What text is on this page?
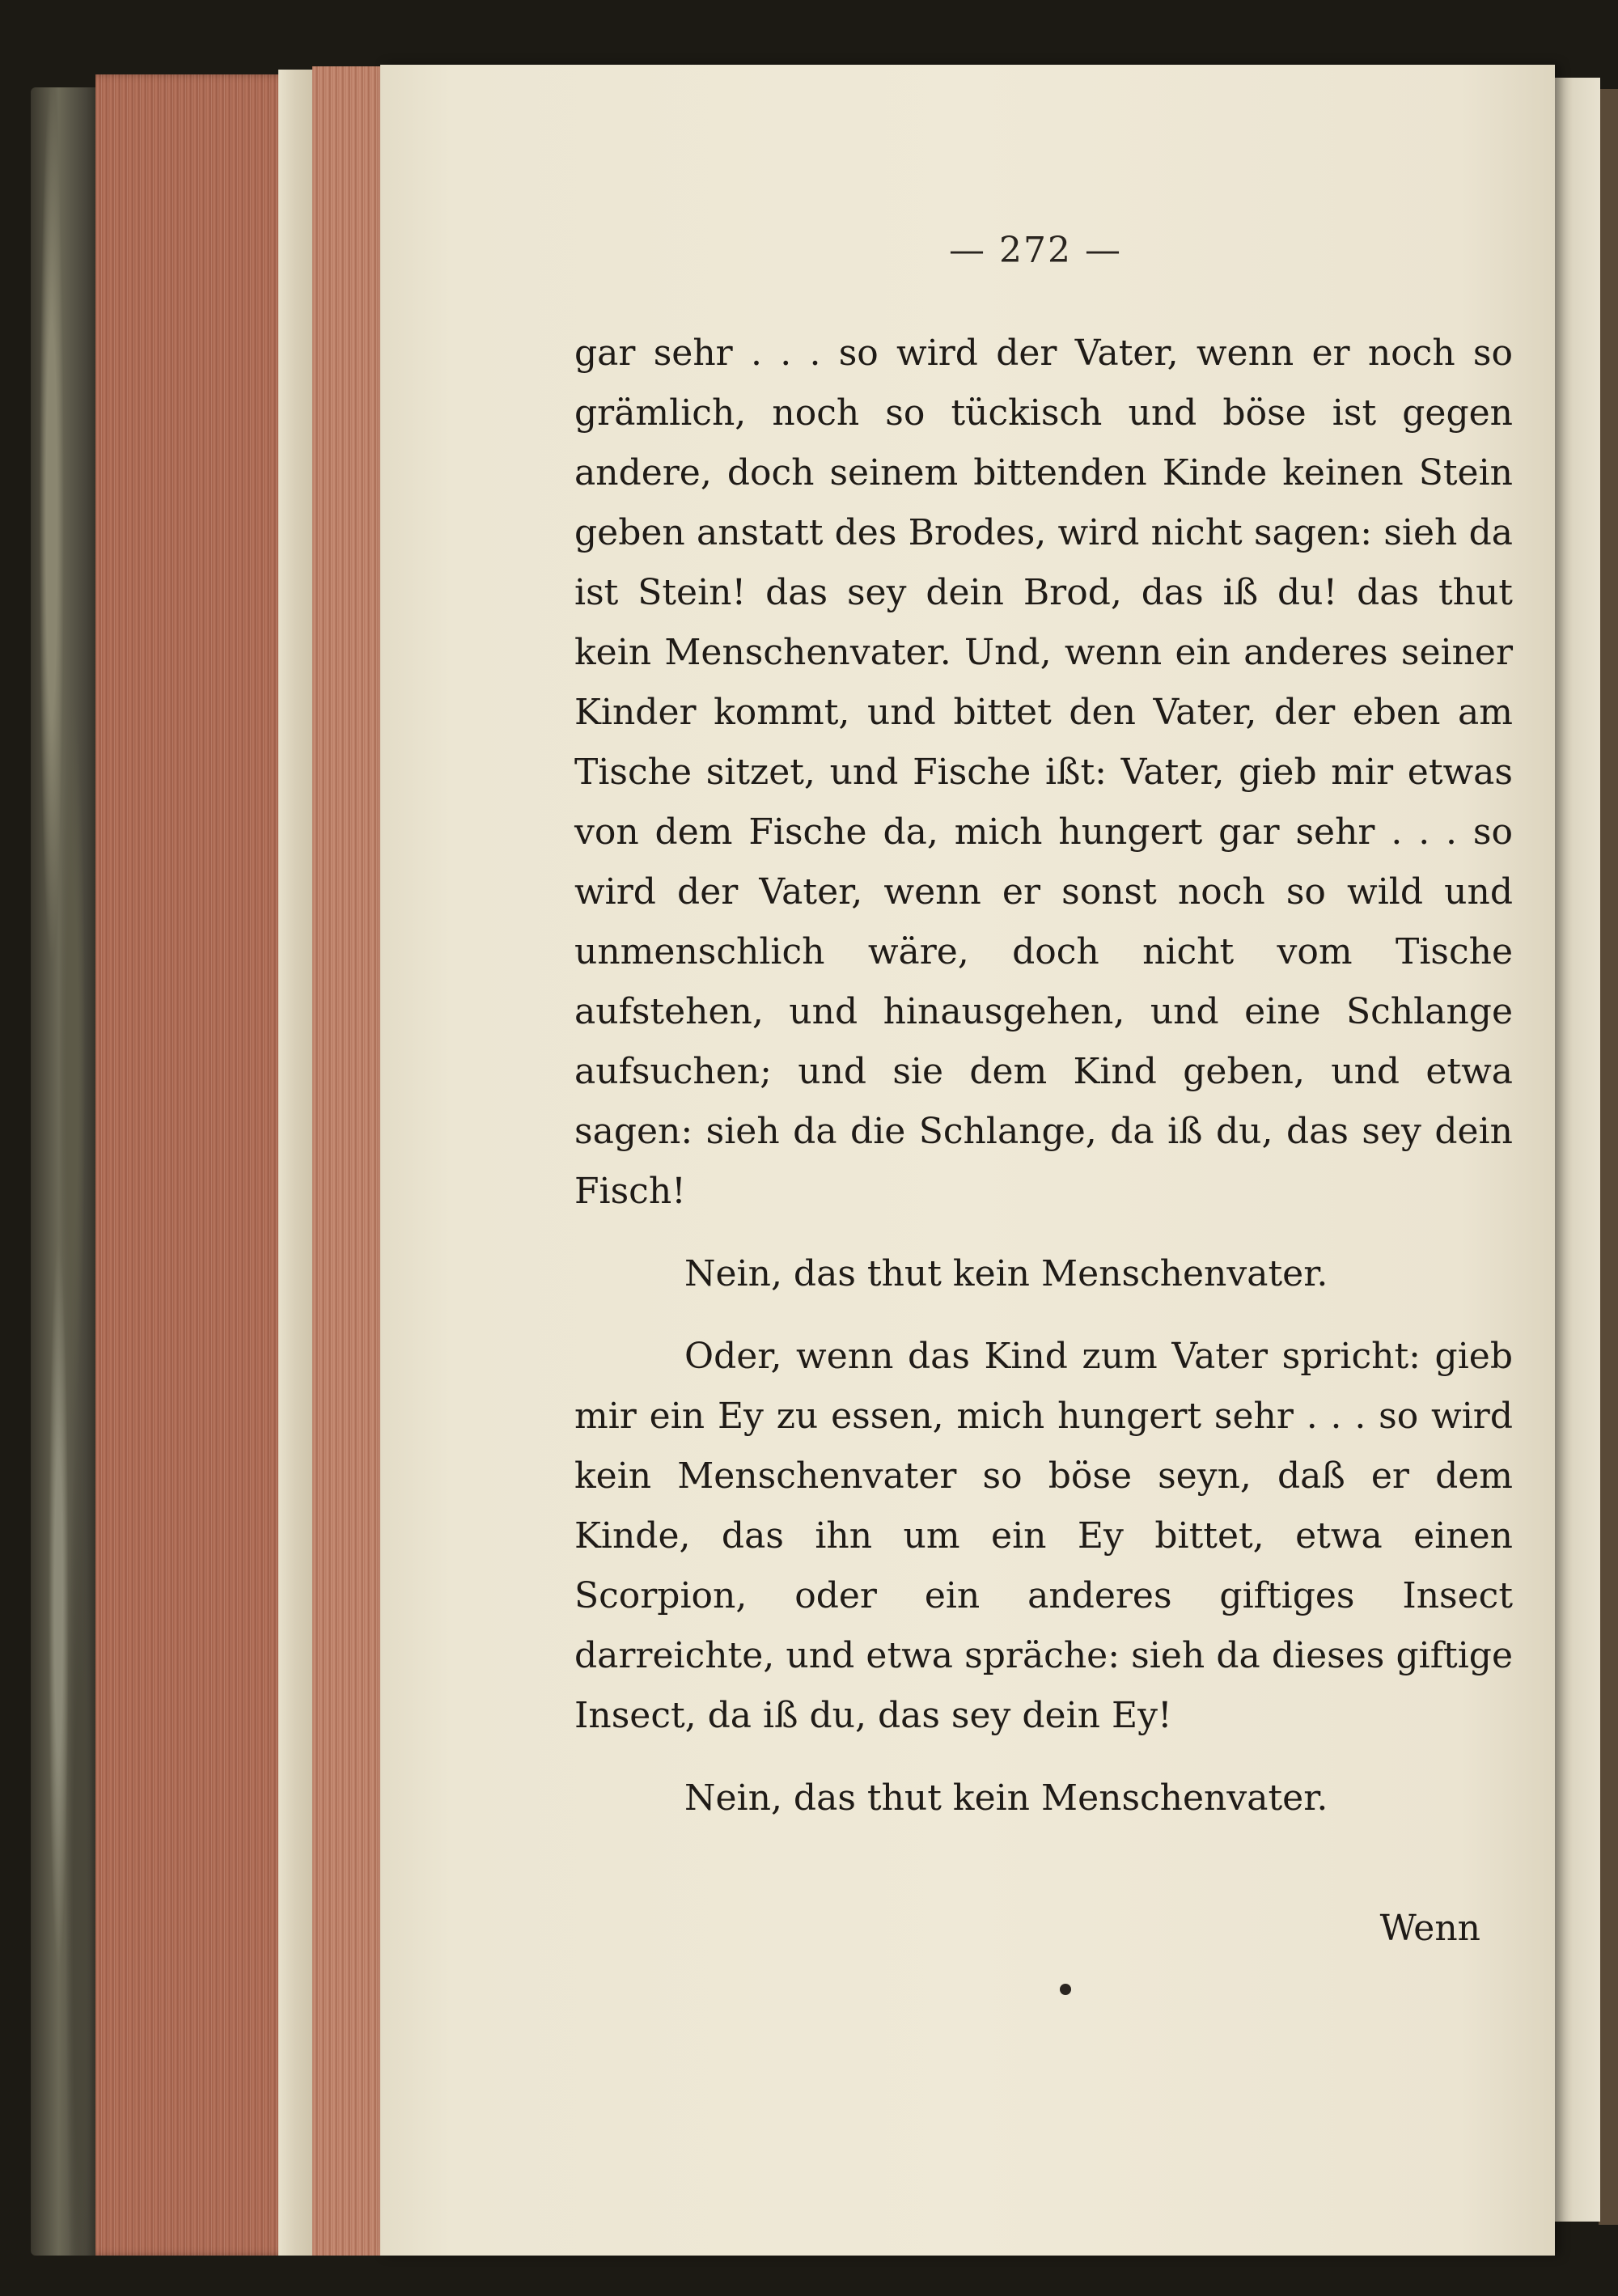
— 272 —

gar sehr . . . so wird der Vater, wenn er noch so grämlich, noch so tückisch und böse ist gegen andere, doch seinem bittenden Kinde keinen Stein geben anstatt des Brodes, wird nicht sagen: sieh da ist Stein! das sey dein Brod, das iß du! das thut kein Menschenvater. Und, wenn ein anderes seiner Kinder kommt, und bittet den Vater, der eben am Tische sitzet, und Fische ißt: Vater, gieb mir etwas von dem Fische da, mich hungert gar sehr . . . so wird der Vater, wenn er sonst noch so wild und unmenschlich wäre, doch nicht vom Tische aufstehen, und hinausgehen, und eine Schlange aufsuchen; und sie dem Kind geben, und etwa sagen: sieh da die Schlange, da iß du, das sey dein Fisch!

Nein, das thut kein Menschenvater.

Oder, wenn das Kind zum Vater spricht: gieb mir ein Ey zu essen, mich hungert sehr . . . so wird kein Menschenvater so böse seyn, daß er dem Kinde, das ihn um ein Ey bittet, etwa einen Scorpion, oder ein anderes giftiges Insect darreichte, und etwa spräche: sieh da dieses giftige Insect, da iß du, das sey dein Ey!

Nein, das thut kein Menschenvater.

Wenn
